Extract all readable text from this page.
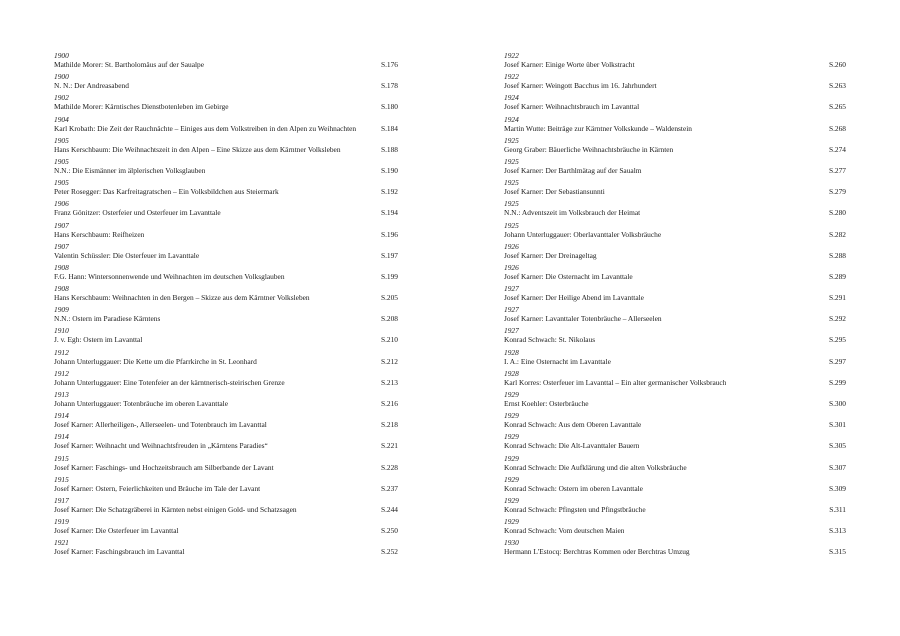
1900
Mathilde Morer: St. Bartholomäus auf der Saualpe	S.176
1900
N. N.: Der Andreasabend	S.178
1902
Mathilde Morer: Kärntisches Dienstbotenleben im Gebirge	S.180
1904
Karl Krobath: Die Zeit der Rauchnächte – Einiges aus dem Volkstreiben in den Alpen zu Weihnachten	S.184
1905
Hans Kerschbaum: Die Weihnachtszeit in den Alpen – Eine Skizze aus dem Kärntner Volksleben	S.188
1905
N.N.: Die Eismänner im älplerischen Volksglauben	S.190
1905
Peter Rosegger: Das Karfreitagratschen – Ein Volksbildchen aus Steiermark	S.192
1906
Franz Gönitzer: Osterfeier und Osterfeuer im Lavanttale	S.194
1907
Hans Kerschbaum: Reifheizen	S.196
1907
Valentin Schüssler: Die Osterfeuer im Lavanttale	S.197
1908
F.G. Hann: Wintersonnenwende und Weihnachten im deutschen Volksglauben	S.199
1908
Hans Kerschbaum: Weihnachten in den Bergen – Skizze aus dem Kärntner Volksleben	S.205
1909
N.N.: Ostern im Paradiese Kärntens	S.208
1910
J. v. Egh: Ostern im Lavanttal	S.210
1912
Johann Unterluggauer: Die Kette um die Pfarrkirche in St. Leonhard	S.212
1912
Johann Unterluggauer: Eine Totenfeier an der kärntnerisch-steirischen Grenze	S.213
1913
Johann Unterluggauer: Totenbräuche im oberen Lavanttale	S.216
1914
Josef Karner: Allerheiligen-, Allerseelen- und Totenbrauch im Lavanttal	S.218
1914
Josef Karner: Weihnacht und Weihnachtsfreuden in „Kärntens Paradies“	S.221
1915
Josef Karner: Faschings- und Hochzeitsbrauch am Silberbande der Lavant	S.228
1915
Josef Karner: Ostern, Feierlichkeiten und Bräuche im Tale der Lavant	S.237
1917
Josef Karner: Die Schatzgräberei in Kärnten nebst einigen Gold- und Schatzsagen	S.244
1919
Josef Karner: Die Osterfeuer im Lavanttal	S.250
1921
Josef Karner: Faschingsbrauch im Lavanttal	S.252
1922
Josef Karner: Einige Worte über Volkstracht	S.260
1922
Josef Karner: Weingott Bacchus im 16. Jahrhundert	S.263
1924
Josef Karner: Weihnachtsbrauch im Lavanttal	S.265
1924
Martin Wutte: Beiträge zur Kärntner Volkskunde – Waldenstein	S.268
1925
Georg Graber: Bäuerliche Weihnachtsbräuche in Kärnten	S.274
1925
Josef Karner: Der Barthlmätag auf der Saualm	S.277
1925
Josef Karner: Der Sebastiansunnti	S.279
1925
N.N.: Adventszeit im Volksbrauch der Heimat	S.280
1925
Johann Unterluggauer: Oberlavanttaler Volksbräuche	S.282
1926
Josef Karner: Der Dreinageltag	S.288
1926
Josef Karner: Die Osternacht im Lavanttale	S.289
1927
Josef Karner: Der Heilige Abend im Lavanttale	S.291
1927
Josef Karner: Lavanttaler Totenbräuche – Allerseelen	S.292
1927
Konrad Schwach: St. Nikolaus	S.295
1928
I. A.: Eine Osternacht im Lavanttale	S.297
1928
Karl Korres: Osterfeuer im Lavanttal – Ein alter germanischer Volksbrauch	S.299
1929
Ernst Koehler: Osterbräuche	S.300
1929
Konrad Schwach: Aus dem Oberen Lavanttale	S.301
1929
Konrad Schwach: Die Alt-Lavanttaler Bauern	S.305
1929
Konrad Schwach: Die Aufklärung und die alten Volksbräuche	S.307
1929
Konrad Schwach: Ostern im oberen Lavanttale	S.309
1929
Konrad Schwach: Pfingsten und Pfingstbräuche	S.311
1929
Konrad Schwach: Vom deutschen Maien	S.313
1930
Hermann L'Estocq: Berchtras Kommen oder Berchtras Umzug	S.315
